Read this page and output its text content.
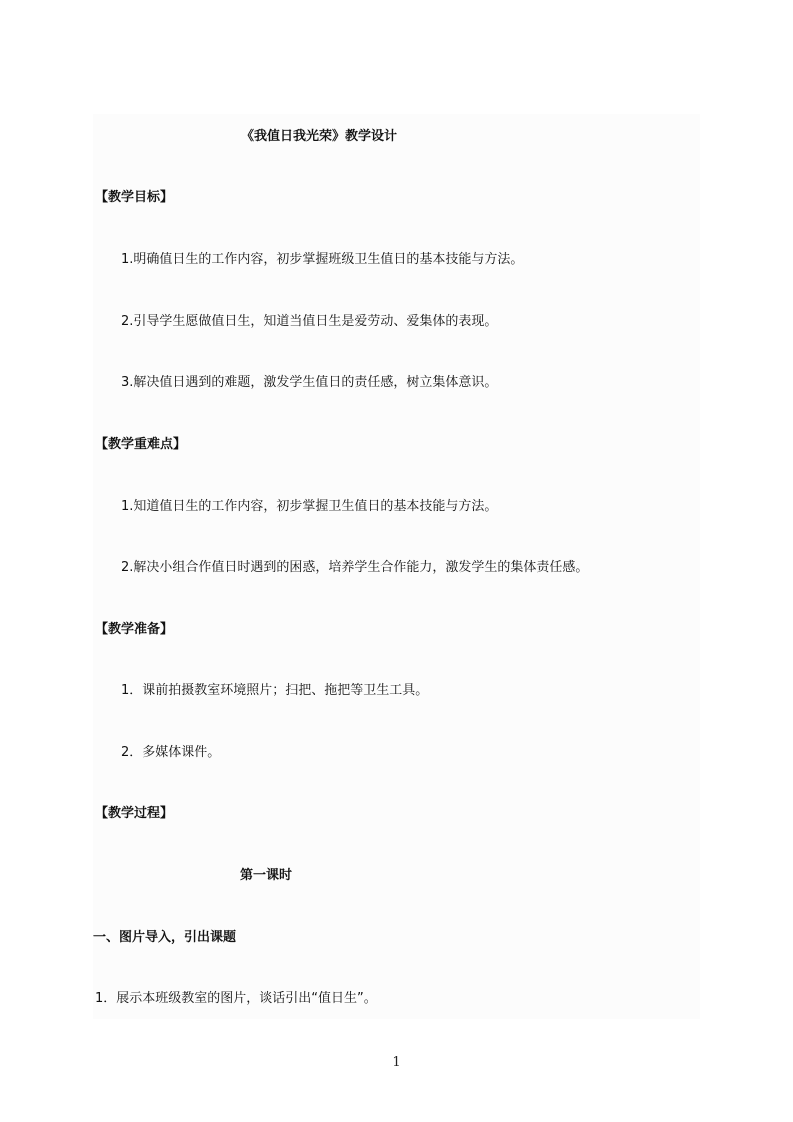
《我值日我光荣》教学设计
【教学目标】
1.明确值日生的工作内容，初步掌握班级卫生值日的基本技能与方法。
2.引导学生愿做值日生，知道当值日生是爱劳动、爱集体的表现。
3.解决值日遇到的难题，激发学生值日的责任感，树立集体意识。
【教学重难点】
1.知道值日生的工作内容，初步掌握卫生值日的基本技能与方法。
2.解决小组合作值日时遇到的困惑，培养学生合作能力，激发学生的集体责任感。
【教学准备】
1．课前拍摄教室环境照片；扫把、拖把等卫生工具。
2．多媒体课件。
【教学过程】
第一课时
一、图片导入，引出课题
1．展示本班级教室的图片，谈话引出“值日生”。
1
